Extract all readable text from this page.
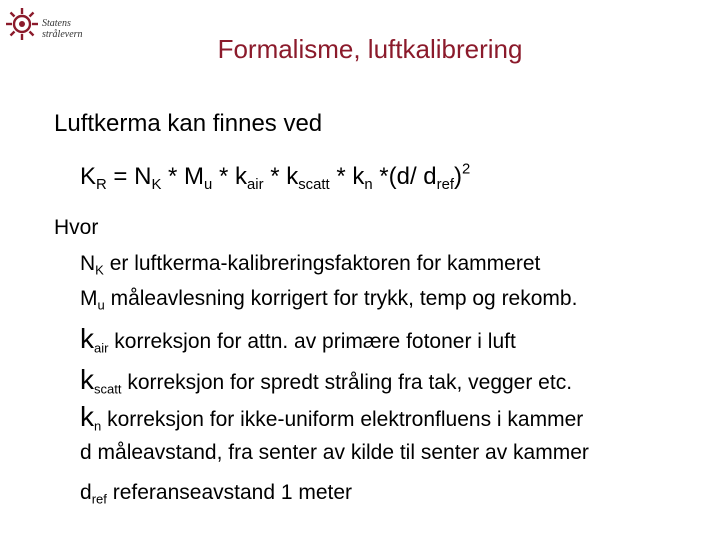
Statens
strålevern	Formalisme, luftkalibrering
Luftkerma kan finnes ved
$K_R = N_K * M_u * k_{air} * k_{scatt} * k_n$ *(d/ $d_{ref})^2$
Hvor
$N_K$ er luftkerma-kalibreringsfaktoren for kammeret
$M_u$ måleavlesning korrigert for trykk, temp og rekomb.
$k_{air}$ korreksjon for attn. av primære fotoner i luft
$k_{scatt}$ korreksjon for spredt stråling fra tak, vegger etc.
$k_n$ korreksjon for ikke-uniform elektronfluens i kammer
d måleavstand, fra senter av kilde til senter av kammer
$d_{ref}$ referanseavstand 1 meter
